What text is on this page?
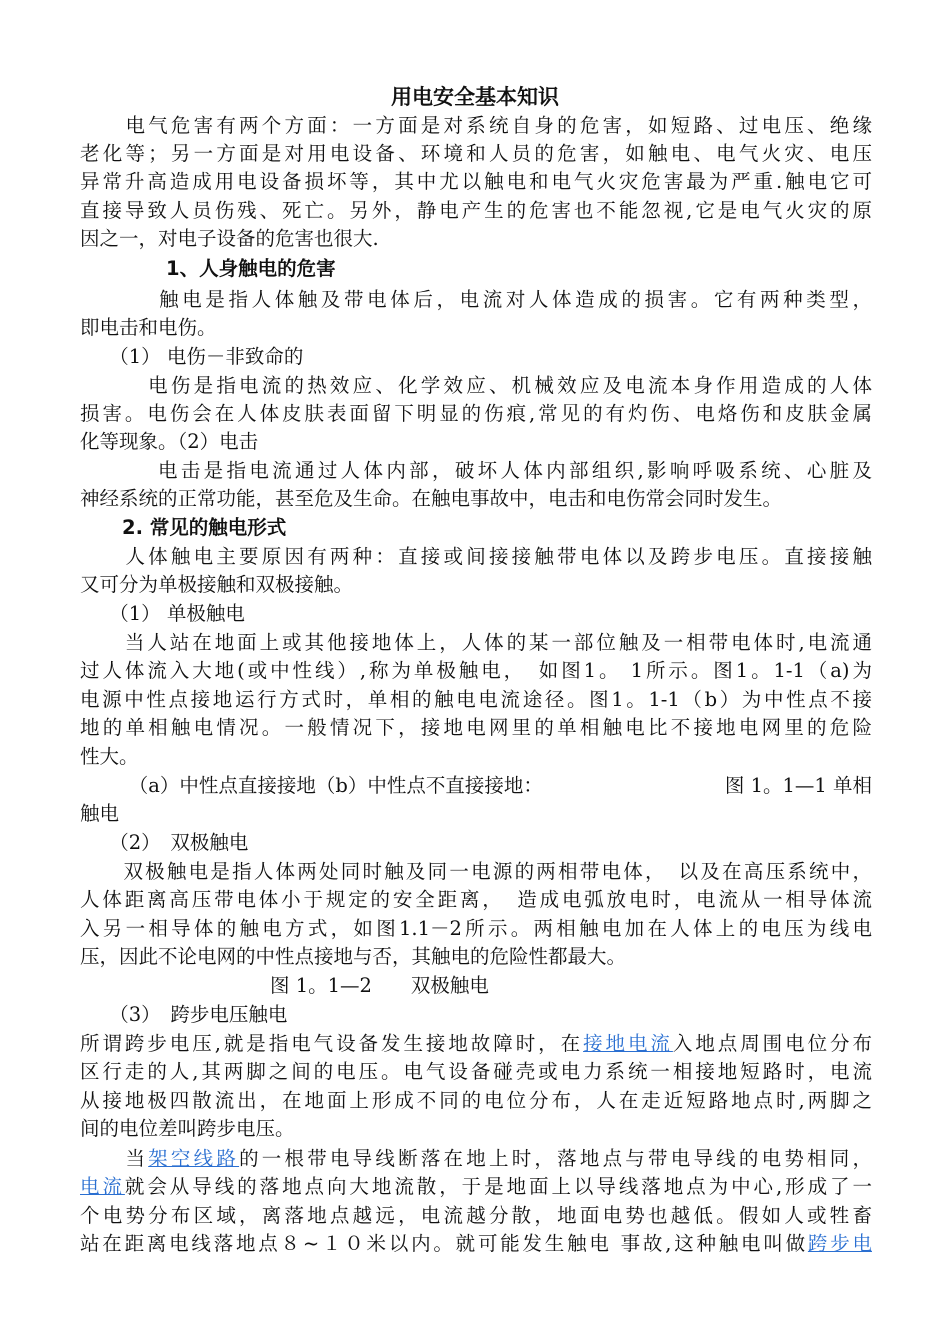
用电安全基本知识
　　电气危害有两个方面：一方面是对系统自身的危害，如短路、过电压、绝缘
老化等；另一方面是对用电设备、环境和人员的危害，如触电、电气火灾、电压
异常升高造成用电设备损坏等，其中尤以触电和电气火灾危害最为严重.触电它可
直接导致人员伤残、死亡。另外，静电产生的危害也不能忽视,它是电气火灾的原
因之一，对电子设备的危害也很大.
1、人身触电的危害
　　　 触电是指人体触及带电体后，电流对人体造成的损害。它有两种类型，
即电击和电伤。
　　（1） 电伤－非致命的
　　　电伤是指电流的热效应、化学效应、机械效应及电流本身作用造成的人体
损害。电伤会在人体皮肤表面留下明显的伤痕,常见的有灼伤、电烙伤和皮肤金属
化等现象。（2）电击
　　　 电击是指电流通过人体内部，破坏人体内部组织,影响呼吸系统、心脏及
神经系统的正常功能，甚至危及生命。在触电事故中，电击和电伤常会同时发生。
2. 常见的触电形式
　　人体触电主要原因有两种：直接或间接接触带电体以及跨步电压。直接接触
又可分为单极接触和双极接触。
　　（1） 单极触电
　　当人站在地面上或其他接地体上，人体的某一部位触及一相带电体时,电流通
过人体流入大地(或中性线）,称为单极触电，　如图1。 1所示。图1。1-1（a)为
电源中性点接地运行方式时，单相的触电电流途径。图1。1-1（b）为中性点不接
地的单相触电情况。一般情况下，接地电网里的单相触电比不接地电网里的危险
性大。
　　　（a）中性点直接接地（b）中性点不直接接地：	图 1。1—1 单相
触电
　　（2）　双极触电
　　双极触电是指人体两处同时触及同一电源的两相带电体，　以及在高压系统中，
人体距离高压带电体小于规定的安全距离，　造成电弧放电时，电流从一相导体流
入另一相导体的触电方式，如图1.1－2所示。两相触电加在人体上的电压为线电
压，因此不论电网的中性点接地与否，其触电的危险性都最大。
图 1。1—2　　双极触电
　　（3）　跨步电压触电
所谓跨步电压,就是指电气设备发生接地故障时，在接地电流入地点周围电位分布
区行走的人,其两脚之间的电压。电气设备碰壳或电力系统一相接地短路时，电流
从接地极四散流出，在地面上形成不同的电位分布，人在走近短路地点时,两脚之
间的电位差叫跨步电压。
　　当架空线路的一根带电导线断落在地上时，落地点与带电导线的电势相同，
电流就会从导线的落地点向大地流散，于是地面上以导线落地点为中心,形成了一
个电势分布区域，离落地点越远，电流越分散，地面电势也越低。假如人或牲畜
站在距离电线落地点８~１０米以内。就可能发生触电 事故,这种触电叫做跨步电
